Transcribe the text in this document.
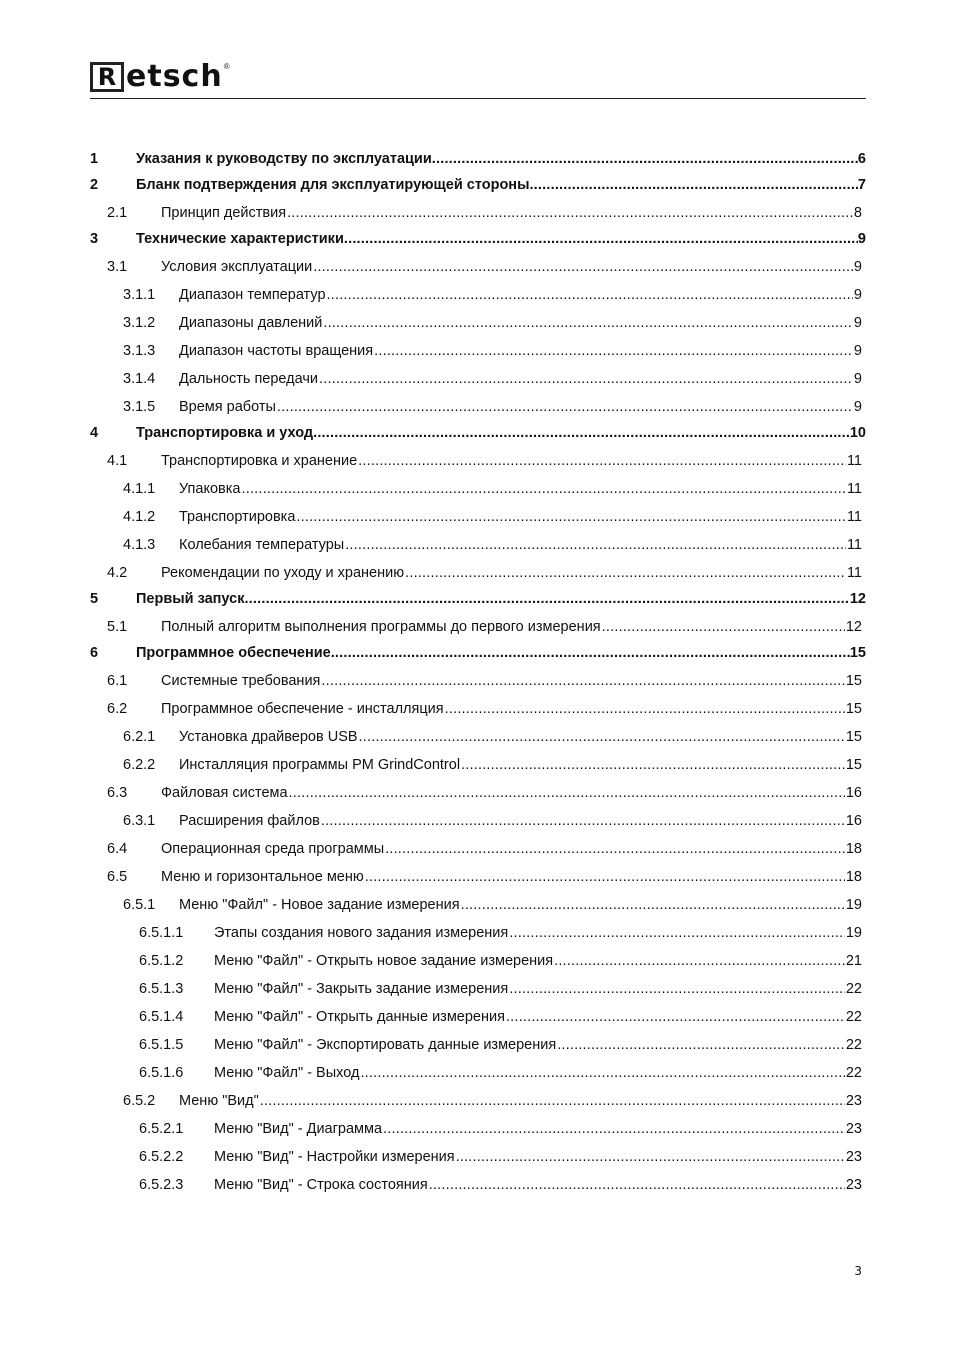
R etsch®
1	Указания к руководству по эксплуатации .....	6
2	Бланк подтверждения для эксплуатирующей стороны .....	7
2.1	Принцип действия .....	8
3	Технические характеристики .....	9
3.1	Условия эксплуатации .....	9
3.1.1	Диапазон температур .....	9
3.1.2	Диапазоны давлений .....	9
3.1.3	Диапазон частоты вращения .....	9
3.1.4	Дальность передачи .....	9
3.1.5	Время работы .....	9
4	Транспортировка и уход .....	10
4.1	Транспортировка и хранение .....	11
4.1.1	Упаковка .....	11
4.1.2	Транспортировка .....	11
4.1.3	Колебания температуры .....	11
4.2	Рекомендации по уходу и хранению .....	11
5	Первый запуск .....	12
5.1	Полный алгоритм выполнения программы до первого измерения .....	12
6	Программное обеспечение .....	15
6.1	Системные требования .....	15
6.2	Программное обеспечение - инсталляция .....	15
6.2.1	Установка драйверов USB .....	15
6.2.2	Инсталляция программы PM GrindControl .....	15
6.3	Файловая система .....	16
6.3.1	Расширения файлов .....	16
6.4	Операционная среда программы .....	18
6.5	Меню и горизонтальное меню .....	18
6.5.1	Меню "Файл" - Новое задание измерения .....	19
6.5.1.1	Этапы создания нового задания измерения .....	19
6.5.1.2	Меню "Файл" - Открыть новое задание измерения .....	21
6.5.1.3	Меню "Файл" - Закрыть задание измерения .....	22
6.5.1.4	Меню "Файл" - Открыть данные измерения .....	22
6.5.1.5	Меню "Файл" - Экспортировать данные измерения .....	22
6.5.1.6	Меню "Файл" - Выход .....	22
6.5.2	Меню "Вид" .....	23
6.5.2.1	Меню "Вид" - Диаграмма .....	23
6.5.2.2	Меню "Вид" - Настройки измерения .....	23
6.5.2.3	Меню "Вид" - Строка состояния .....	23
3
